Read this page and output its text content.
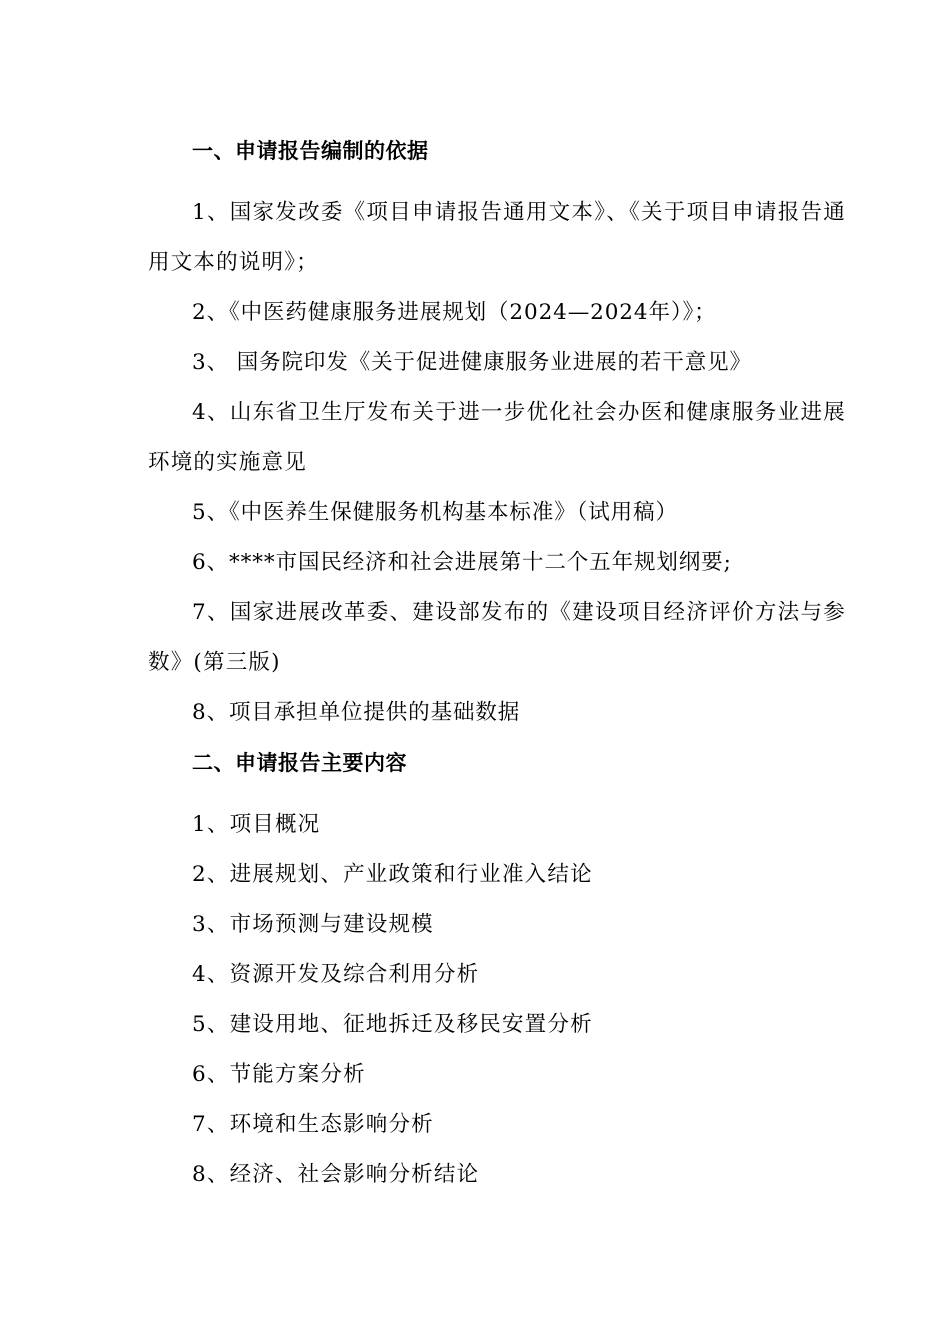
一、申请报告编制的依据

1、国家发改委《项目申请报告通用文本》、《关于项目申请报告通用文本的说明》；

2、《中医药健康服务进展规划（2024—2024年）》；

3、 国务院印发《关于促进健康服务业进展的若干意见》

4、山东省卫生厅发布关于进一步优化社会办医和健康服务业进展环境的实施意见

5、《中医养生保健服务机构基本标准》（试用稿）

6、****市国民经济和社会进展第十二个五年规划纲要;

7、国家进展改革委、建设部发布的《建设项目经济评价方法与参数》(第三版)

8、项目承担单位提供的基础数据

二、申请报告主要内容

1、项目概况

2、进展规划、产业政策和行业准入结论

3、市场预测与建设规模

4、资源开发及综合利用分析

5、建设用地、征地拆迁及移民安置分析

6、节能方案分析

7、环境和生态影响分析

8、经济、社会影响分析结论
